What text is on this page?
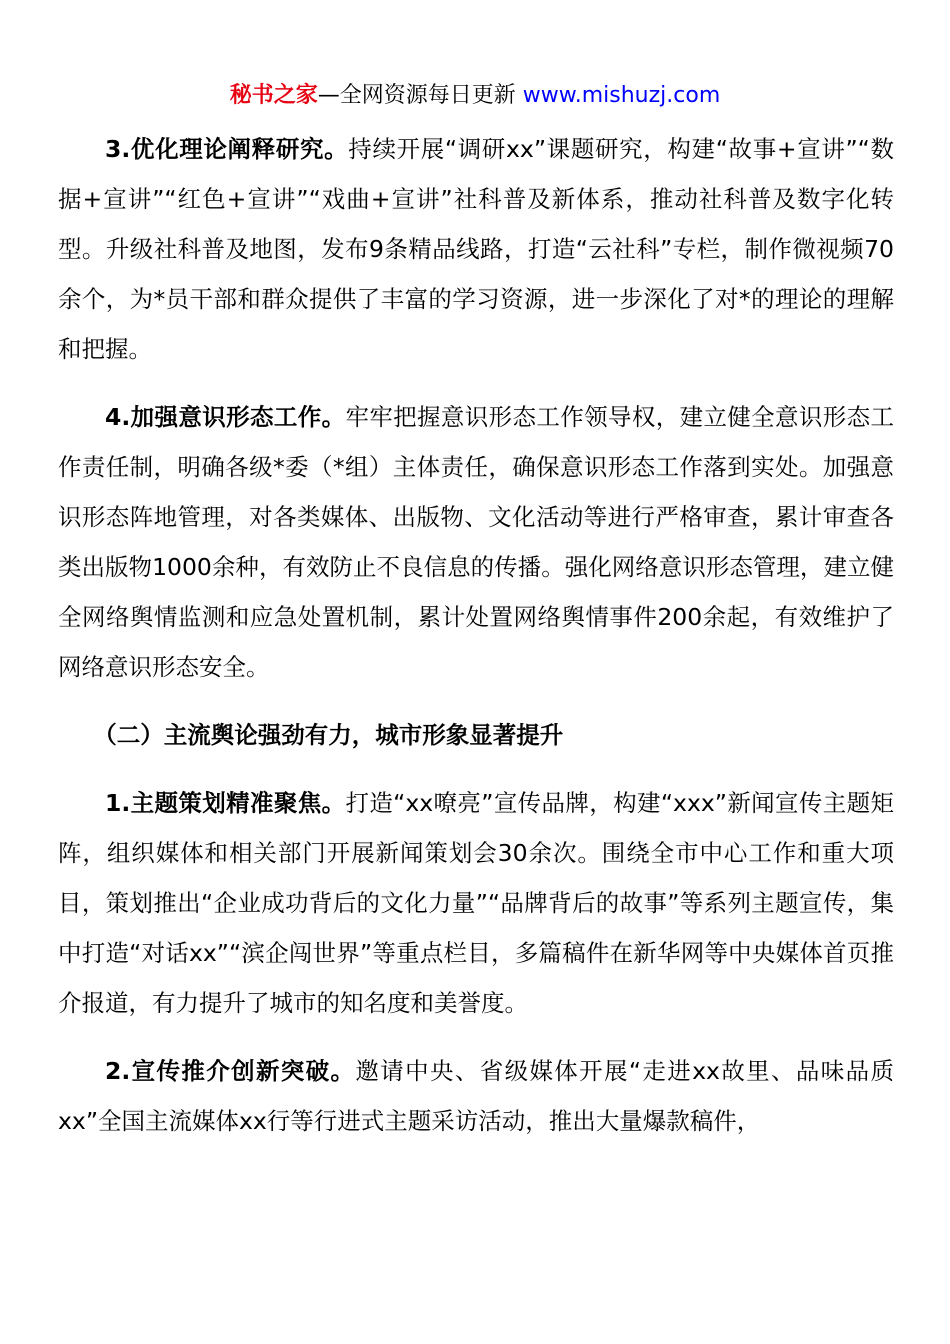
秘书之家—全网资源每日更新 www.mishuzj.com

3.优化理论阐释研究。持续开展“调研xx”课题研究，构建“故事+宣讲”“数据+宣讲”“红色+宣讲”“戏曲+宣讲”社科普及新体系，推动社科普及数字化转型。升级社科普及地图，发布9条精品线路，打造“云社科”专栏，制作微视频70余个，为*员干部和群众提供了丰富的学习资源，进一步深化了对*的理论的理解和把握。

4.加强意识形态工作。牢牢把握意识形态工作领导权，建立健全意识形态工作责任制，明确各级*委（*组）主体责任，确保意识形态工作落到实处。加强意识形态阵地管理，对各类媒体、出版物、文化活动等进行严格审查，累计审查各类出版物1000余种，有效防止不良信息的传播。强化网络意识形态管理，建立健全网络舆情监测和应急处置机制，累计处置网络舆情事件200余起，有效维护了网络意识形态安全。

（二）主流舆论强劲有力，城市形象显著提升

1.主题策划精准聚焦。打造“xx嘹亮”宣传品牌，构建“xxx”新闻宣传主题矩阵，组织媒体和相关部门开展新闻策划会30余次。围绕全市中心工作和重大项目，策划推出“企业成功背后的文化力量”“品牌背后的故事”等系列主题宣传，集中打造“对话xx”“滨企闯世界”等重点栏目，多篇稿件在新华网等中央媒体首页推介报道，有力提升了城市的知名度和美誉度。

2.宣传推介创新突破。邀请中央、省级媒体开展“走进xx故里、品味品质xx”全国主流媒体xx行等行进式主题采访活动，推出大量爆款稿件，
